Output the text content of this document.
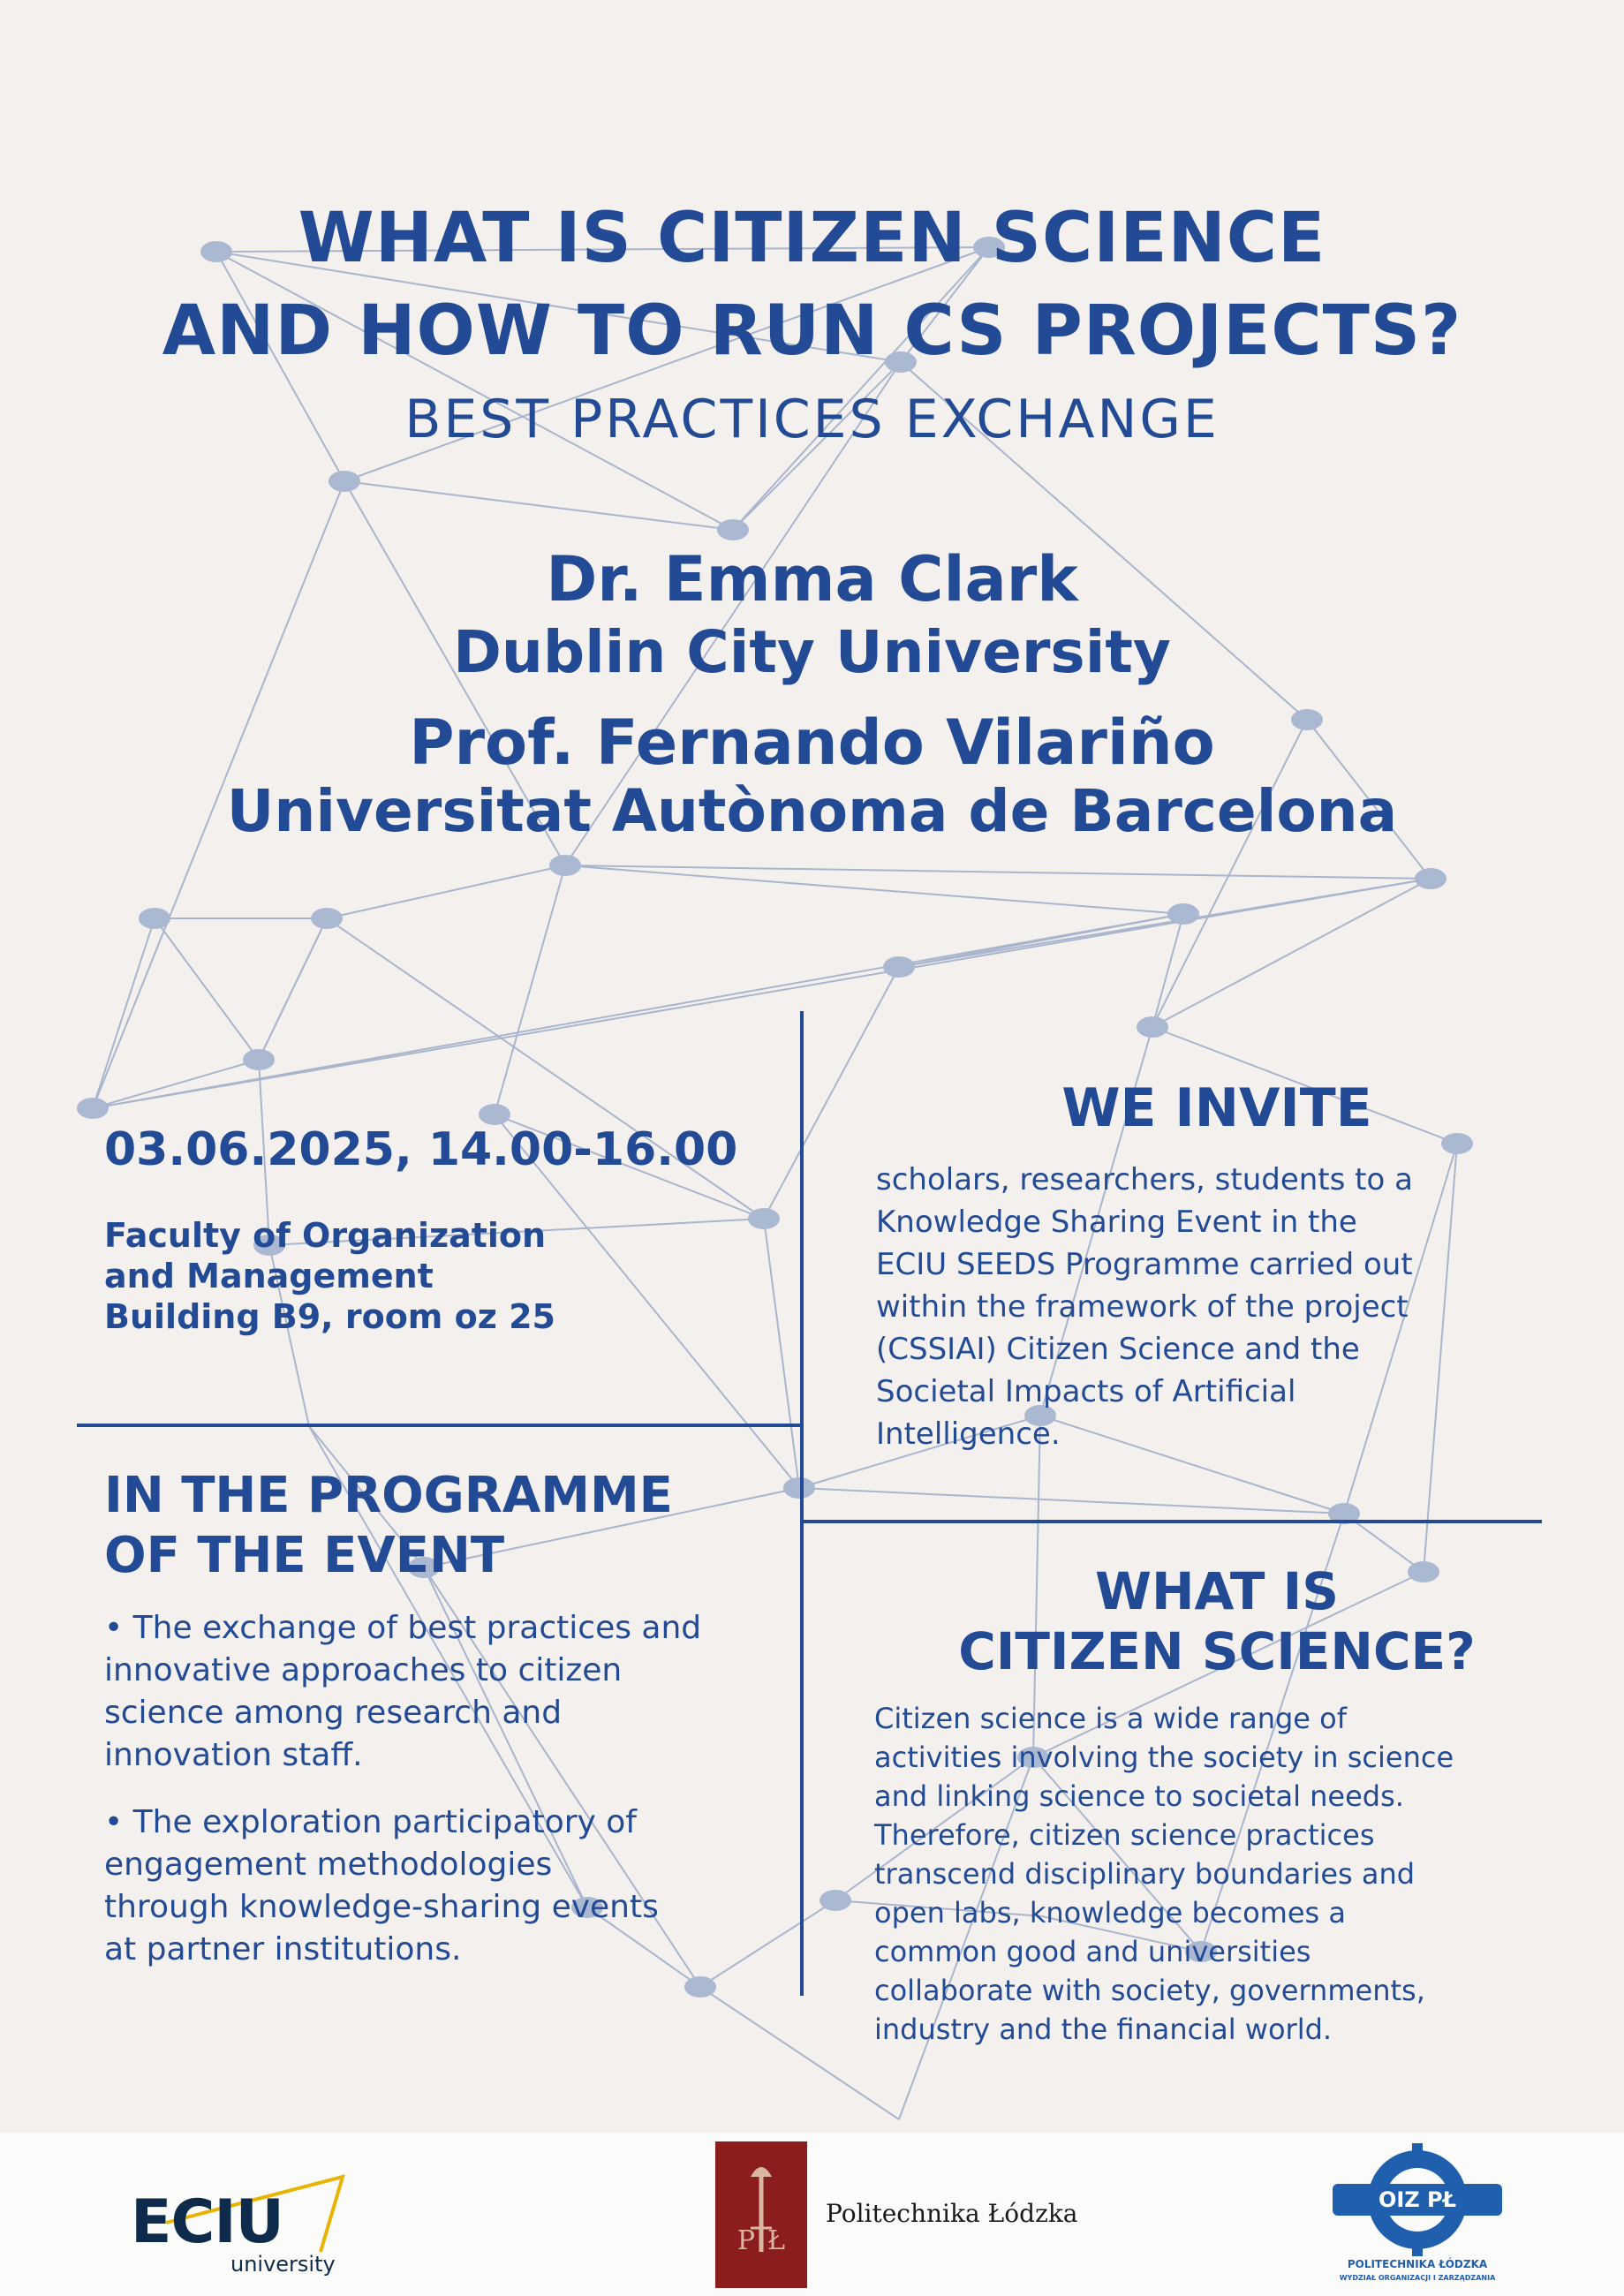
WHAT IS CITIZEN SCIENCE
AND HOW TO RUN CS PROJECTS?
BEST PRACTICES EXCHANGE
Dr. Emma Clark
Dublin City University
Prof. Fernando Vilariño
Universitat Autònoma de Barcelona
03.06.2025, 14.00-16.00
Faculty of Organization
and Management
Building B9, room oz 25
WE INVITE
scholars, researchers, students to a
Knowledge Sharing Event in the
ECIU SEEDS Programme carried out
within the framework of the project
(CSSIAI) Citizen Science and the
Societal Impacts of Artificial
Intelligence.
IN THE PROGRAMME
OF THE EVENT
• The exchange of best practices and
innovative approaches to citizen
science among research and
innovation staff.
• The exploration participatory of
engagement methodologies
through knowledge-sharing events
at partner institutions.
WHAT IS
CITIZEN SCIENCE?
Citizen science is a wide range of
activities involving the society in science
and linking science to societal needs.
Therefore, citizen science practices
transcend disciplinary boundaries and
open labs, knowledge becomes a
common good and universities
collaborate with society, governments,
industry and the financial world.
ECIU
university
PŁ
Politechnika Łódzka	OIZ PŁ
POLITECHNIKA ŁÓDZKA
WYDZIAŁ ORGANIZACJI I ZARZĄDZANIA
